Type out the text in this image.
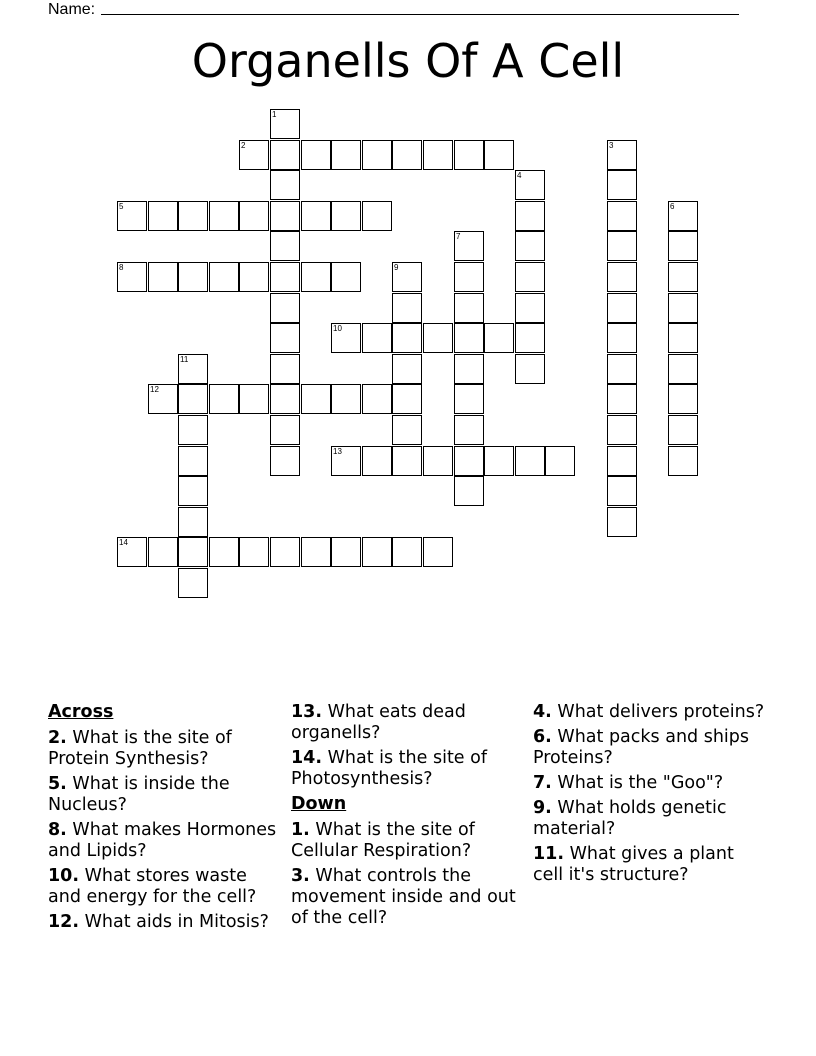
Name:
Organells Of A Cell
1
2	3
4
5	6
7
8	9
10
11
12
13
14
Across
2. What is the site of Protein Synthesis?
5. What is inside the Nucleus?
8. What makes Hormones and Lipids?
10. What stores waste and energy for the cell?
12. What aids in Mitosis?
13. What eats dead organells?
14. What is the site of Photosynthesis?
Down
1. What is the site of Cellular Respiration?
3. What controls the movement inside and out of the cell?
4. What delivers proteins?
6. What packs and ships Proteins?
7. What is the "Goo"?
9. What holds genetic material?
11. What gives a plant cell it's structure?
